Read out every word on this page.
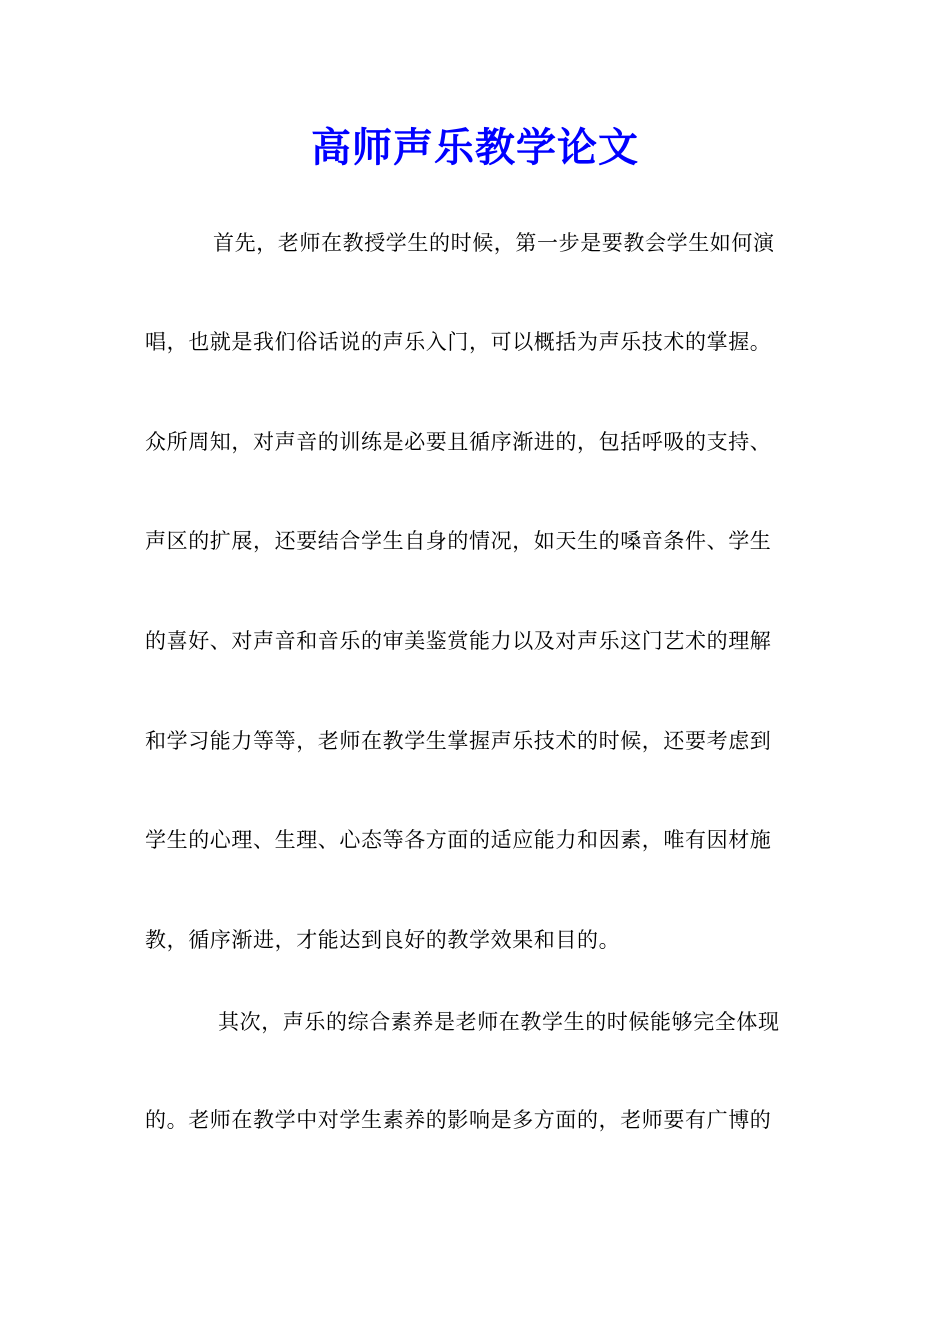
高师声乐教学论文
首先，老师在教授学生的时候，第一步是要教会学生如何演
唱，也就是我们俗话说的声乐入门，可以概括为声乐技术的掌握。
众所周知，对声音的训练是必要且循序渐进的，包括呼吸的支持、
声区的扩展，还要结合学生自身的情况，如天生的嗓音条件、学生
的喜好、对声音和音乐的审美鉴赏能力以及对声乐这门艺术的理解
和学习能力等等，老师在教学生掌握声乐技术的时候，还要考虑到
学生的心理、生理、心态等各方面的适应能力和因素，唯有因材施
教，循序渐进，才能达到良好的教学效果和目的。
其次，声乐的综合素养是老师在教学生的时候能够完全体现
的。老师在教学中对学生素养的影响是多方面的，老师要有广博的
